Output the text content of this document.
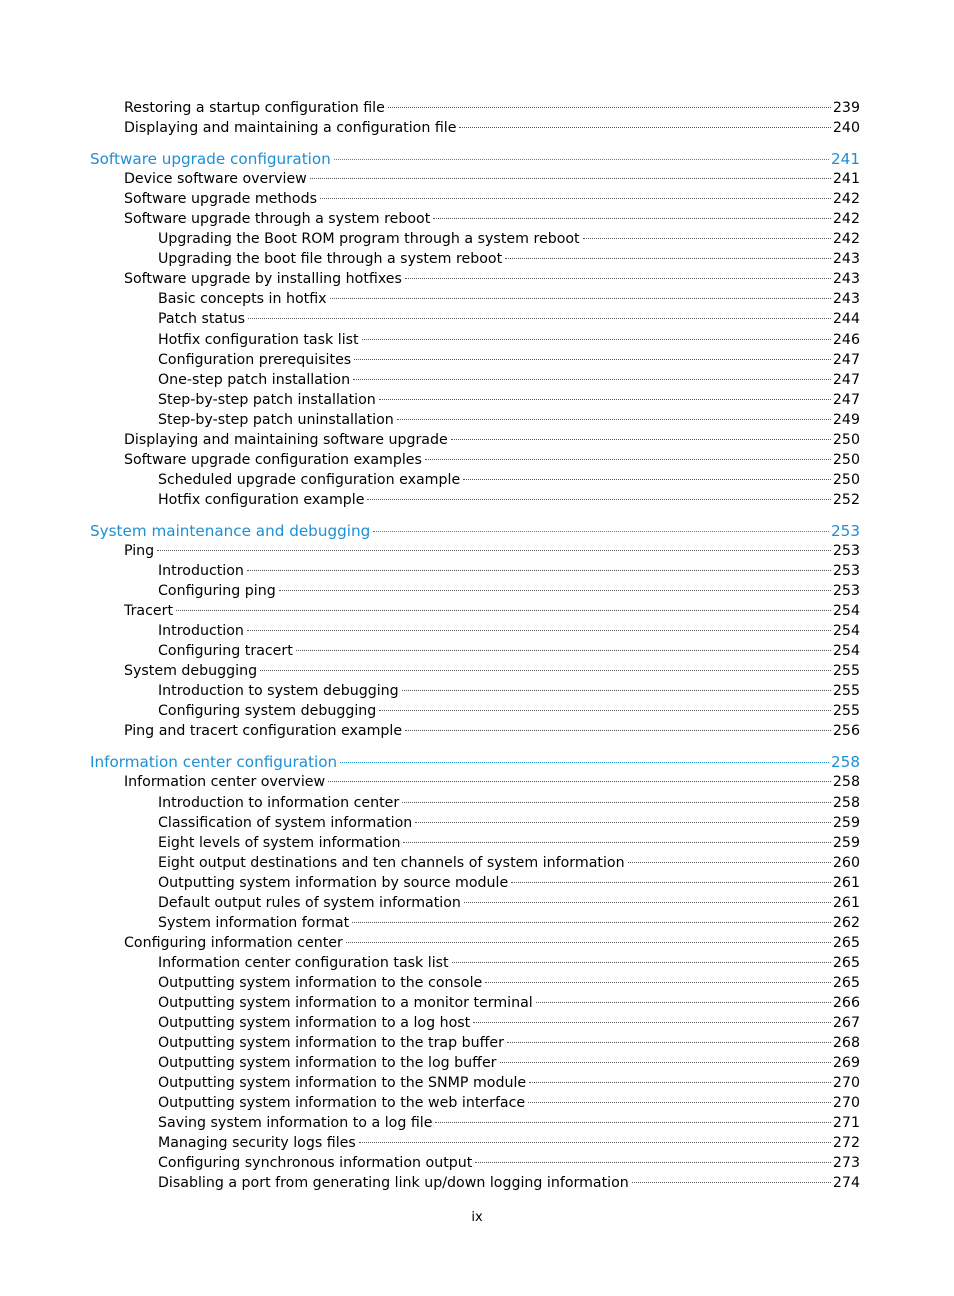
Restoring a startup configuration file	239
Displaying and maintaining a configuration file	240
Software upgrade configuration	241
Device software overview	241
Software upgrade methods	242
Software upgrade through a system reboot	242
Upgrading the Boot ROM program through a system reboot	242
Upgrading the boot file through a system reboot	243
Software upgrade by installing hotfixes	243
Basic concepts in hotfix	243
Patch status	244
Hotfix configuration task list	246
Configuration prerequisites	247
One-step patch installation	247
Step-by-step patch installation	247
Step-by-step patch uninstallation	249
Displaying and maintaining software upgrade	250
Software upgrade configuration examples	250
Scheduled upgrade configuration example	250
Hotfix configuration example	252
System maintenance and debugging	253
Ping	253
Introduction	253
Configuring ping	253
Tracert	254
Introduction	254
Configuring tracert	254
System debugging	255
Introduction to system debugging	255
Configuring system debugging	255
Ping and tracert configuration example	256
Information center configuration	258
Information center overview	258
Introduction to information center	258
Classification of system information	259
Eight levels of system information	259
Eight output destinations and ten channels of system information	260
Outputting system information by source module	261
Default output rules of system information	261
System information format	262
Configuring information center	265
Information center configuration task list	265
Outputting system information to the console	265
Outputting system information to a monitor terminal	266
Outputting system information to a log host	267
Outputting system information to the trap buffer	268
Outputting system information to the log buffer	269
Outputting system information to the SNMP module	270
Outputting system information to the web interface	270
Saving system information to a log file	271
Managing security logs files	272
Configuring synchronous information output	273
Disabling a port from generating link up/down logging information	274
ix
